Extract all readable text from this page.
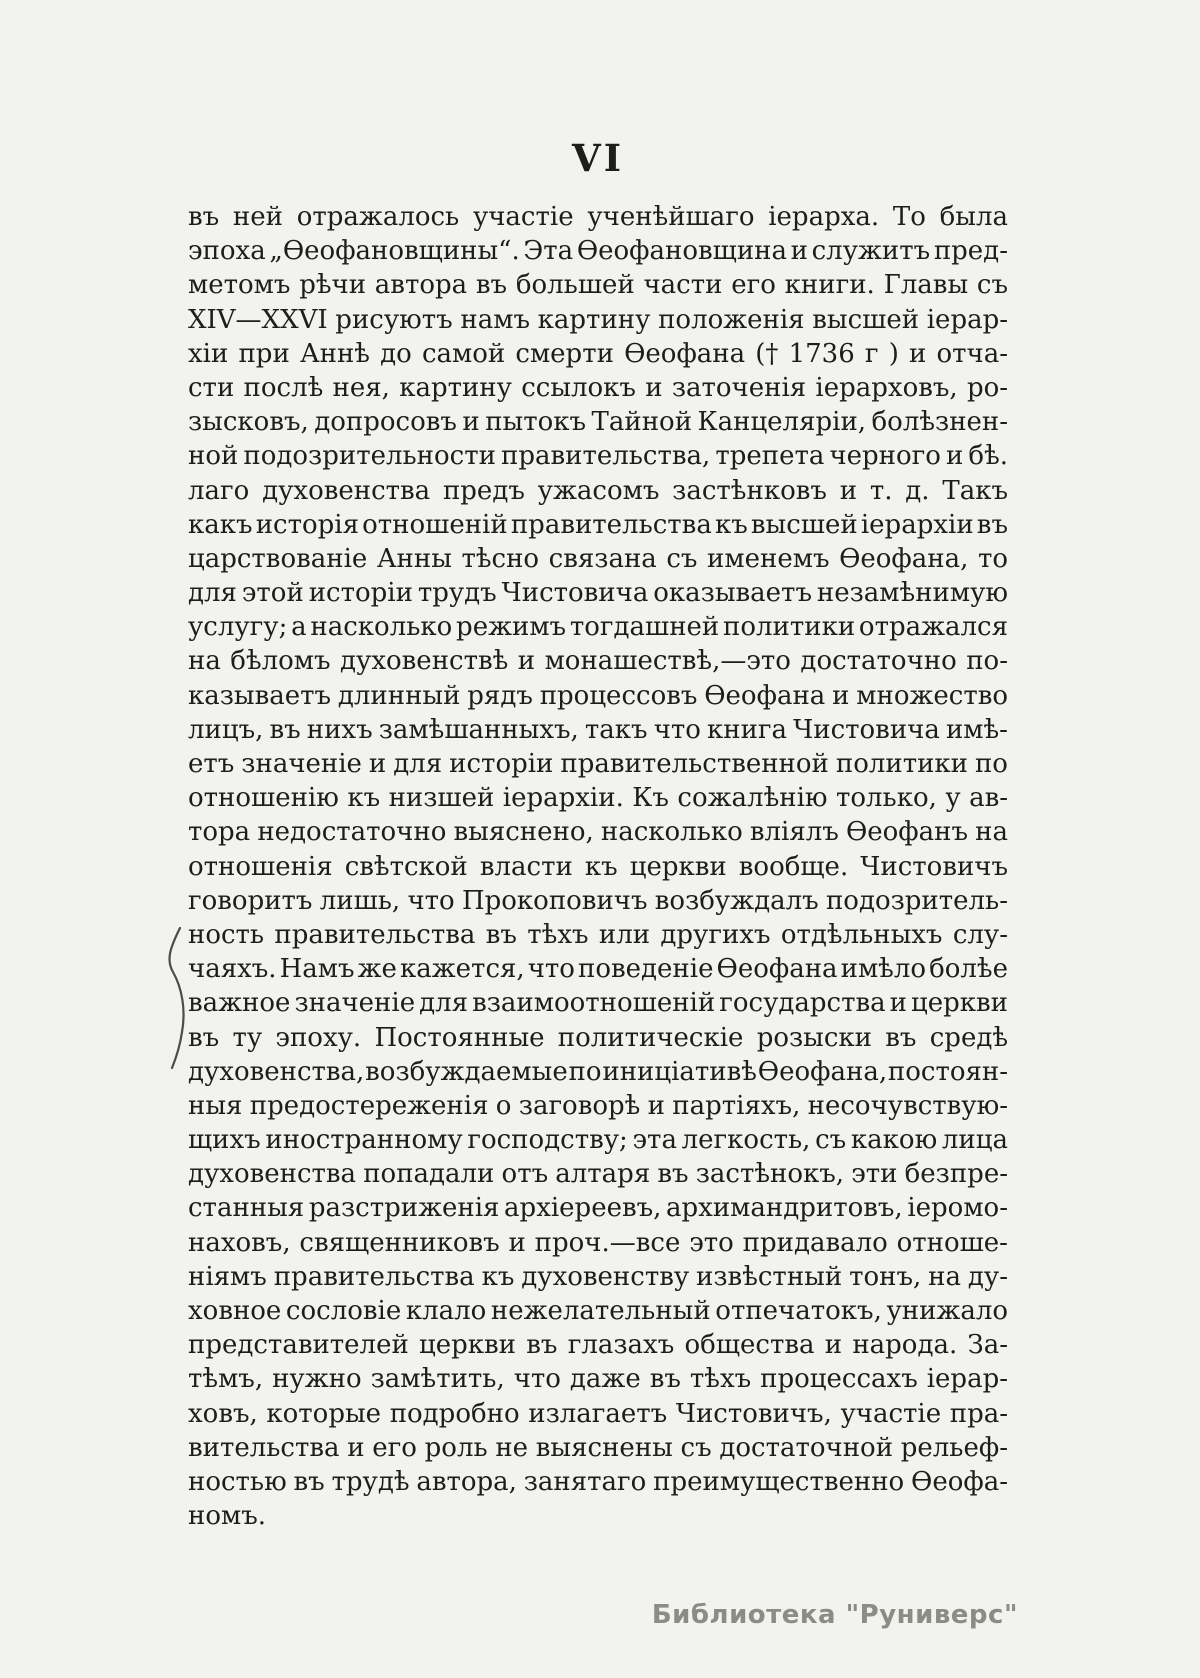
VI
въ ней отражалось участіе ученѣйшаго іерарха. То была
эпоха „Ѳеофановщины“. Эта Ѳеофановщина и служитъ пред-
метомъ рѣчи автора въ большей части его книги. Главы съ
XIV—XXVI рисуютъ намъ картину положенія высшей іерар-
хіи при Аннѣ до самой смерти Ѳеофана († 1736 г ) и отча-
сти послѣ нея, картину ссылокъ и заточенія іерарховъ, ро-
зысковъ, допросовъ и пытокъ Тайной Канцеляріи, болѣзнен-
ной подозрительности правительства, трепета черного и бѣ.
лаго духовенства предъ ужасомъ застѣнковъ и т. д. Такъ
какъ исторія отношеній правительства къ высшей іерархіи въ
царствованіе Анны тѣсно связана съ именемъ Ѳеофана, то
для этой исторіи трудъ Чистовича оказываетъ незамѣнимую
услугу; а насколько режимъ тогдашней политики отражался
на бѣломъ духовенствѣ и монашествѣ,—это достаточно по-
казываетъ длинный рядъ процессовъ Ѳеофана и множество
лицъ, въ нихъ замѣшанныхъ, такъ что книга Чистовича имѣ-
етъ значеніе и для исторіи правительственной политики по
отношенію къ низшей іерархіи. Къ сожалѣнію только, у ав-
тора недостаточно выяснено, насколько вліялъ Ѳеофанъ на
отношенія свѣтской власти къ церкви вообще. Чистовичъ
говоритъ лишь, что Прокоповичъ возбуждалъ подозритель-
ность правительства въ тѣхъ или другихъ отдѣльныхъ слу-
чаяхъ. Намъ же кажется, что поведеніе Ѳеофана имѣло болѣе
важное значеніе для взаимоотношеній государства и церкви
въ ту эпоху. Постоянные политическіе розыски въ средѣ
духовенства, возбуждаемые по иниціативѣ Ѳеофана, постоян-
ныя предостереженія о заговорѣ и партіяхъ, несочувствую-
щихъ иностранному господству; эта легкость, съ какою лица
духовенства попадали отъ алтаря въ застѣнокъ, эти безпре-
станныя разстриженія архіереевъ, архимандритовъ, іеромо-
наховъ, священниковъ и проч.—все это придавало отноше-
ніямъ правительства къ духовенству извѣстный тонъ, на ду-
ховное сословіе клало нежелательный отпечатокъ, унижало
представителей церкви въ глазахъ общества и народа. За-
тѣмъ, нужно замѣтить, что даже въ тѣхъ процессахъ іерар-
ховъ, которые подробно излагаетъ Чистовичъ, участіе пра-
вительства и его роль не выяснены съ достаточной рельеф-
ностью въ трудѣ автора, занятаго преимущественно Ѳеофа-
номъ.
Библиотека "Руниверс"
